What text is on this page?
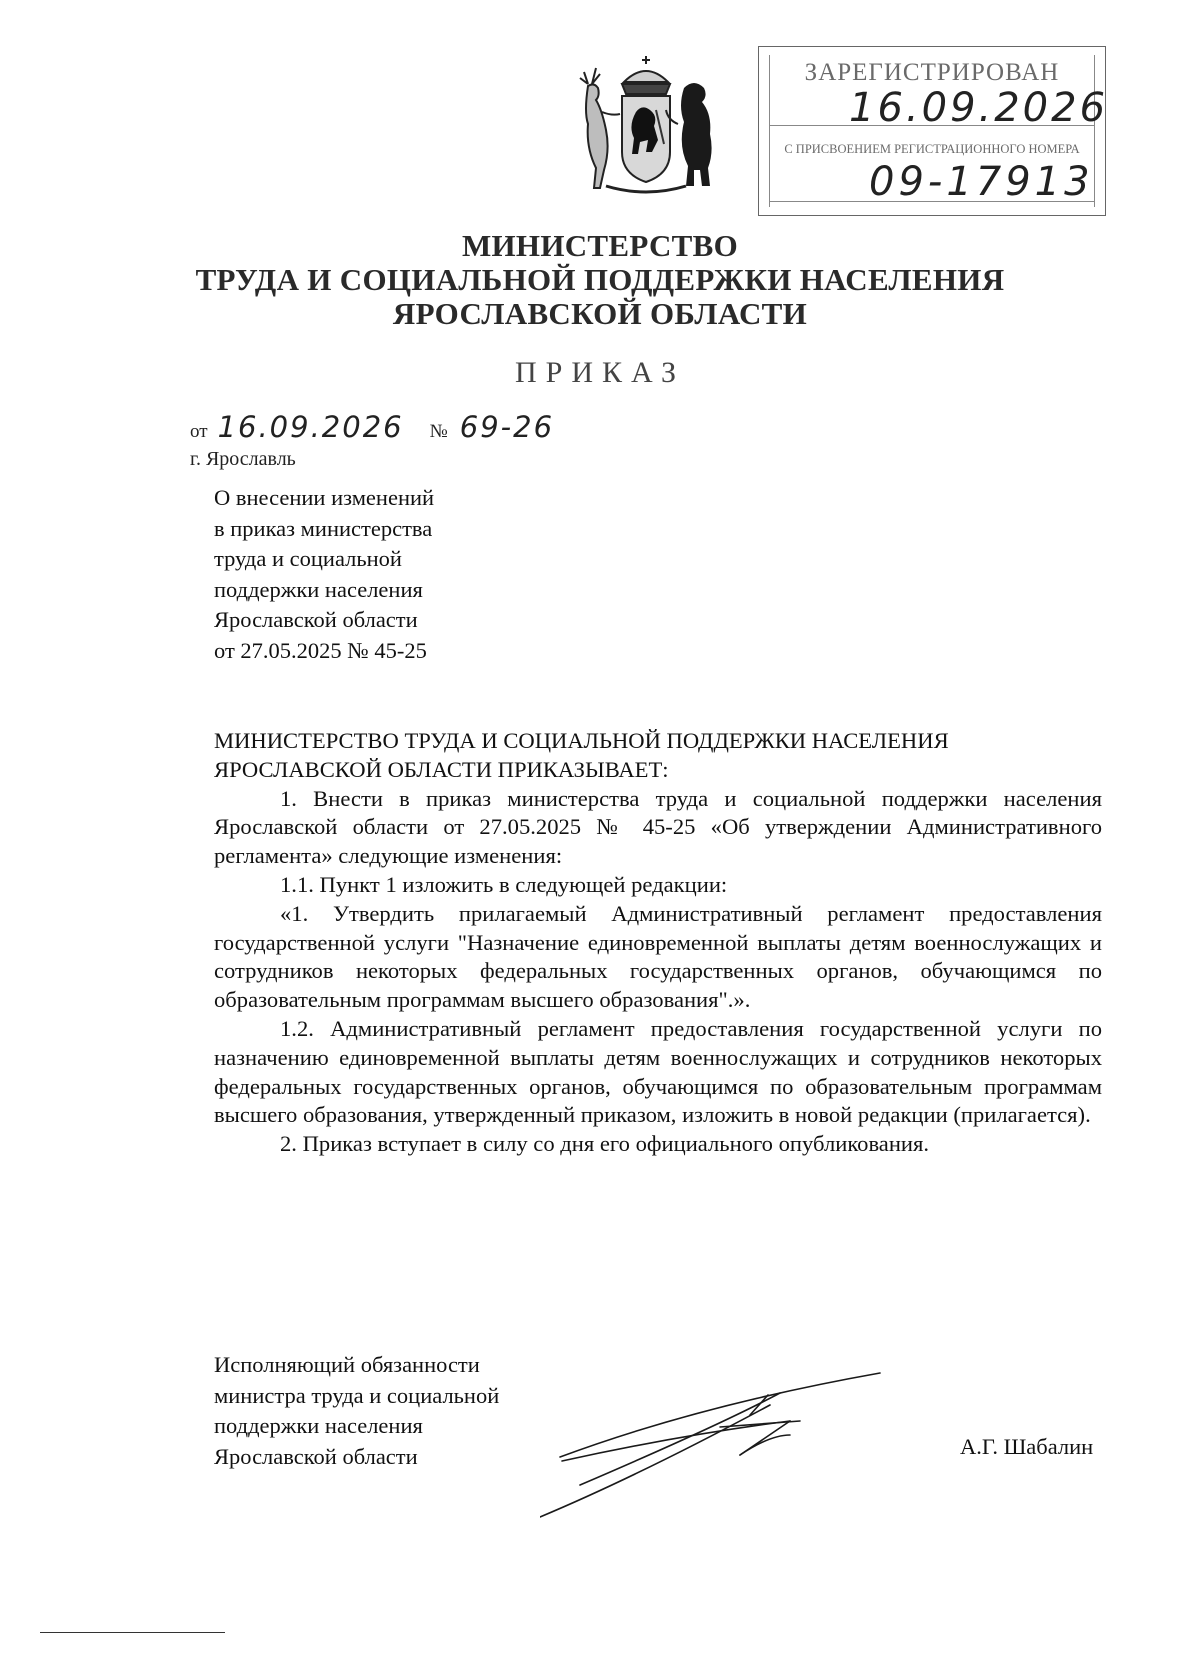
ЗАРЕГИСТРИРОВАН
16.09.2026
С ПРИСВОЕНИЕМ РЕГИСТРАЦИОННОГО НОМЕРА
09-17913
МИНИСТЕРСТВО
ТРУДА И СОЦИАЛЬНОЙ ПОДДЕРЖКИ НАСЕЛЕНИЯ
ЯРОСЛАВСКОЙ ОБЛАСТИ
ПРИКАЗ
от 16.09.2026 № 69-26
г. Ярославль
О внесении изменений
в приказ министерства
труда и социальной
поддержки населения
Ярославской области
от 27.05.2025 № 45-25

МИНИСТЕРСТВО ТРУДА И СОЦИАЛЬНОЙ ПОДДЕРЖКИ НАСЕЛЕНИЯ ЯРОСЛАВСКОЙ ОБЛАСТИ ПРИКАЗЫВАЕТ:

1. Внести в приказ министерства труда и социальной поддержки населения Ярославской области от 27.05.2025 № 45-25 «Об утверждении Административного регламента» следующие изменения:

1.1. Пункт 1 изложить в следующей редакции:

«1. Утвердить прилагаемый Административный регламент предоставления государственной услуги "Назначение единовременной выплаты детям военнослужащих и сотрудников некоторых федеральных государственных органов, обучающимся по образовательным программам высшего образования".».

1.2. Административный регламент предоставления государственной услуги по назначению единовременной выплаты детям военнослужащих и сотрудников некоторых федеральных государственных органов, обучающимся по образовательным программам высшего образования, утвержденный приказом, изложить в новой редакции (прилагается).

2. Приказ вступает в силу со дня его официального опубликования.

Исполняющий обязанности
министра труда и социальной
поддержки населения
Ярославской области	А.Г. Шабалин
